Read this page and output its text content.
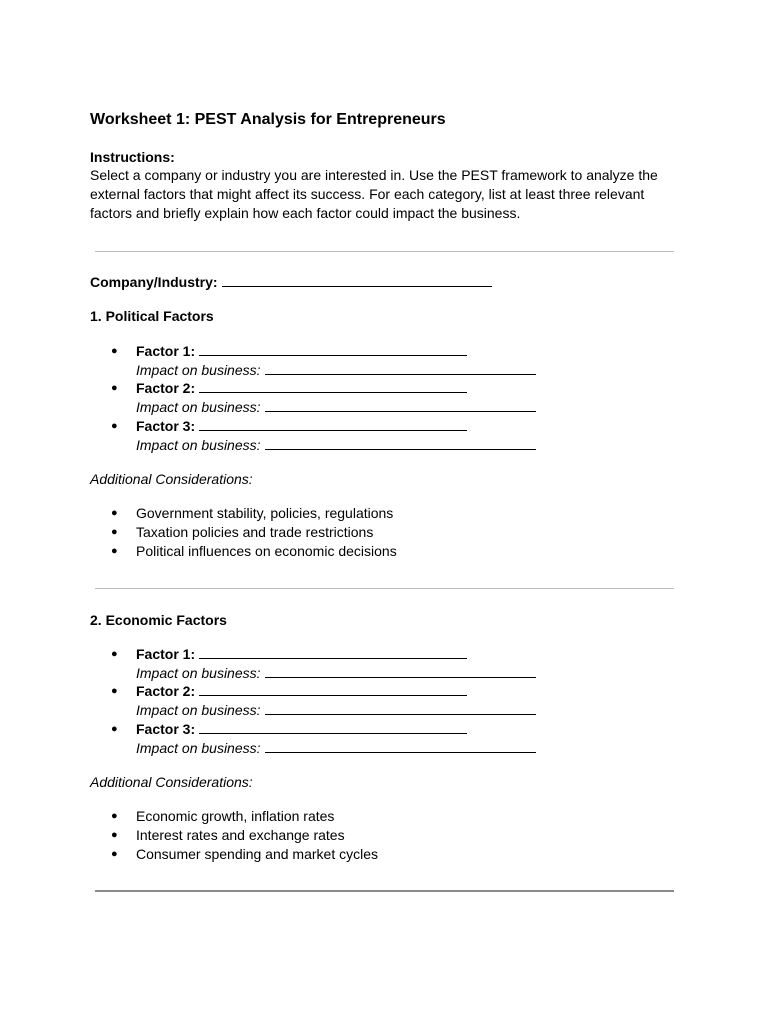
Worksheet 1: PEST Analysis for Entrepreneurs
Instructions:
Select a company or industry you are interested in. Use the PEST framework to analyze the external factors that might affect its success. For each category, list at least three relevant factors and briefly explain how each factor could impact the business.
Company/Industry:
1. Political Factors
● Factor 1:
Impact on business:
● Factor 2:
Impact on business:
● Factor 3:
Impact on business:
Additional Considerations:
● Government stability, policies, regulations
● Taxation policies and trade restrictions
● Political influences on economic decisions
2. Economic Factors
● Factor 1:
Impact on business:
● Factor 2:
Impact on business:
● Factor 3:
Impact on business:
Additional Considerations:
● Economic growth, inflation rates
● Interest rates and exchange rates
● Consumer spending and market cycles
